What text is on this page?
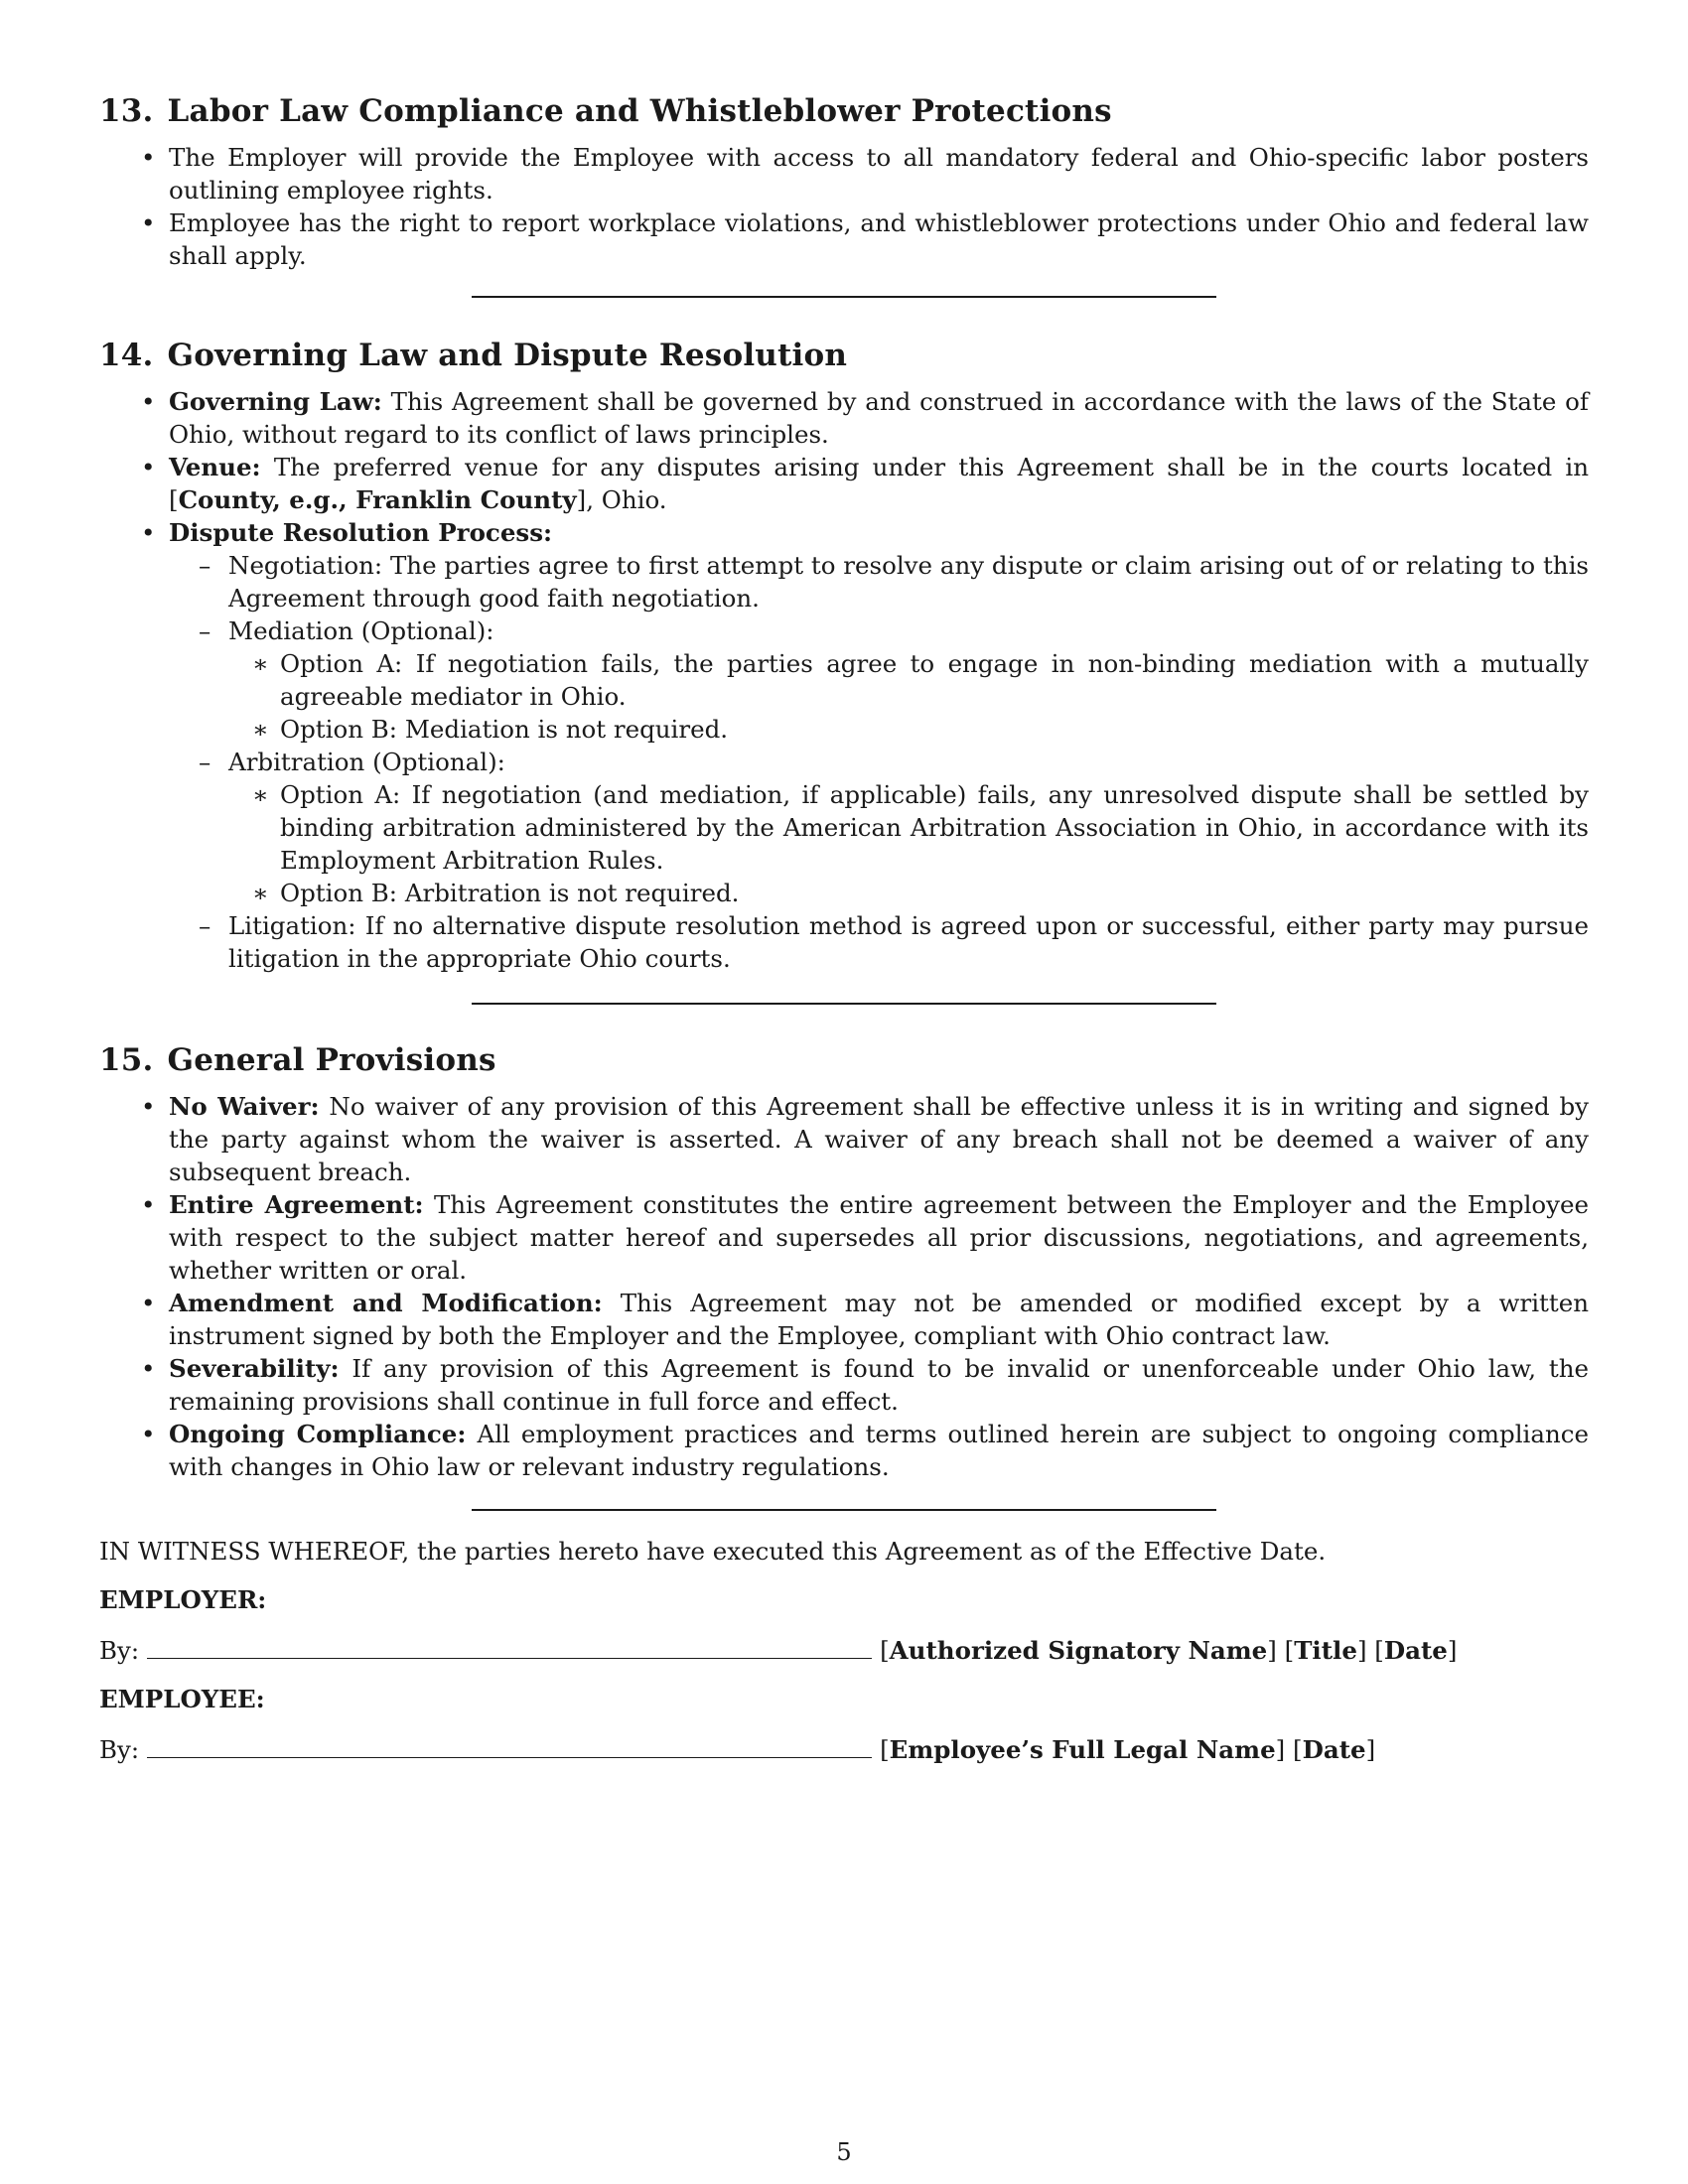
13. Labor Law Compliance and Whistleblower Protections
• The Employer will provide the Employee with access to all mandatory federal and Ohio-specific labor posters outlining employee rights.
• Employee has the right to report workplace violations, and whistleblower protections under Ohio and federal law shall apply.
14. Governing Law and Dispute Resolution
• Governing Law: This Agreement shall be governed by and construed in accordance with the laws of the State of Ohio, without regard to its conflict of laws principles.
• Venue: The preferred venue for any disputes arising under this Agreement shall be in the courts located in [County, e.g., Franklin County], Ohio.
• Dispute Resolution Process:
– Negotiation: The parties agree to first attempt to resolve any dispute or claim arising out of or relating to this Agreement through good faith negotiation.
– Mediation (Optional):
∗ Option A: If negotiation fails, the parties agree to engage in non-binding mediation with a mutually agreeable mediator in Ohio.
∗ Option B: Mediation is not required.
– Arbitration (Optional):
∗ Option A: If negotiation (and mediation, if applicable) fails, any unresolved dispute shall be settled by binding arbitration administered by the American Arbitration Association in Ohio, in accordance with its Employment Arbitration Rules.
∗ Option B: Arbitration is not required.
– Litigation: If no alternative dispute resolution method is agreed upon or successful, either party may pursue litigation in the appropriate Ohio courts.
15. General Provisions
• No Waiver: No waiver of any provision of this Agreement shall be effective unless it is in writing and signed by the party against whom the waiver is asserted. A waiver of any breach shall not be deemed a waiver of any subsequent breach.
• Entire Agreement: This Agreement constitutes the entire agreement between the Employer and the Employee with respect to the subject matter hereof and supersedes all prior discussions, negotiations, and agreements, whether written or oral.
• Amendment and Modification: This Agreement may not be amended or modified except by a written instrument signed by both the Employer and the Employee, compliant with Ohio contract law.
• Severability: If any provision of this Agreement is found to be invalid or unenforceable under Ohio law, the remaining provisions shall continue in full force and effect.
• Ongoing Compliance: All employment practices and terms outlined herein are subject to ongoing compliance with changes in Ohio law or relevant industry regulations.

IN WITNESS WHEREOF, the parties hereto have executed this Agreement as of the Effective Date.

EMPLOYER:

By:	[Authorized Signatory Name] [Title] [Date]

EMPLOYEE:

By:	[Employee’s Full Legal Name] [Date]
5
